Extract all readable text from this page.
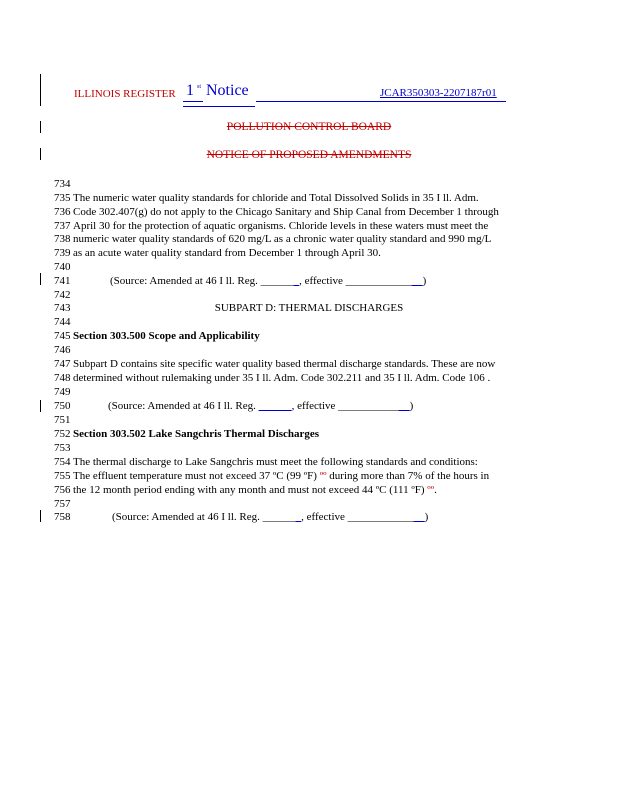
ILLINOIS REGISTER 1 st Notice	JCAR350303-2207187r01
POLLUTION CONTROL BOARD
NOTICE OF PROPOSED AMENDMENTS
734
735 The numeric water quality standards for chloride and Total Dissolved Solids in 35 I ll. Adm.
736 Code 302.407(g) do not apply to the Chicago Sanitary and Ship Canal from December 1 through
737 April 30 for the protection of aquatic organisms. Chloride levels in these waters must meet the
738 numeric water quality standards of 620 mg/L as a chronic water quality standard and 990 mg/L
739 as an acute water quality standard from December 1 through April 30.
740
741	(Source: Amended at 46 I ll. Reg. _______, effective ______________)
742
743	SUBPART D: THERMAL DISCHARGES
744
745 Section 303.500 Scope and Applicability
746
747 Subpart D contains site specific water quality based thermal discharge standards. These are now
748 determined without rulemaking under 35 I ll. Adm. Code 302.211 and 35 I ll. Adm. Code 106 .
749
750	(Source: Amended at 46 I ll. Reg. ______, effective _____________)
751
752 Section 303.502 Lake Sangchris Thermal Discharges
753
754 The thermal discharge to Lake Sangchris must meet the following standards and conditions:
755 The effluent temperature must not exceed 37 ºC (99 ºF) ºº during more than 7% of the hours in
756 the 12 month period ending with any month and must not exceed 44 ºC (111 ºF) ºº.
757
758	(Source: Amended at 46 I ll. Reg. _______, effective ______________)
